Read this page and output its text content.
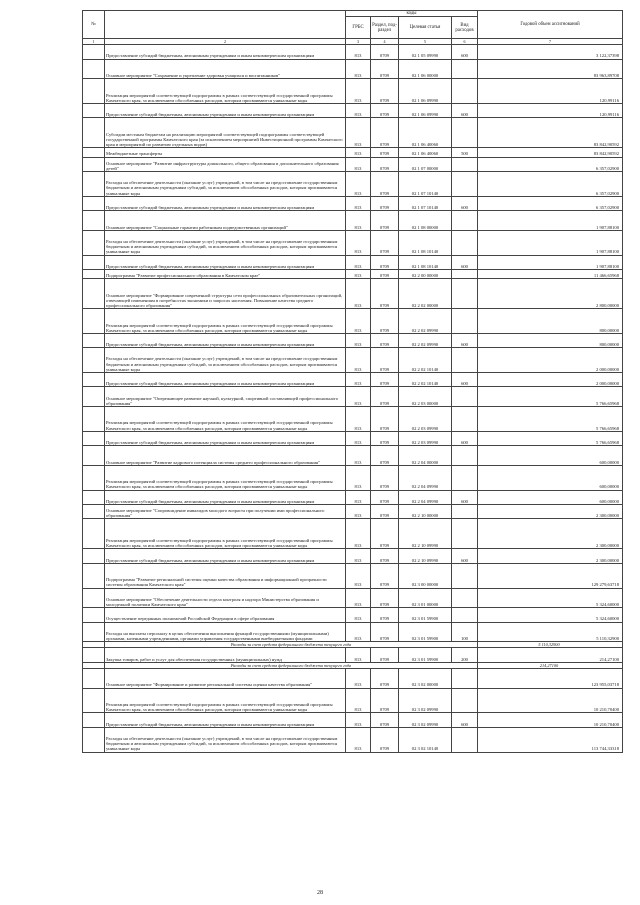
№		коды				Годовой объем ассигнований
		ГРБС	Раздел, под-раздел	Целевая статья	Вид расходов	
1	2	3	4	5	6	7
	Предоставление субсидий бюджетным, автономным учреждениям и иным некоммерческим организациям	813	0709	02 1 05 09990	600	3 122,37398
	Основное мероприятие "Сохранение и укрепление здоровья учащихся и воспитанников"	813	0709	02 1 06 00000		83 963,89708
	Реализация мероприятий соответствующей подпрограммы в рамках соответствующей государственной программы Камчатского края, за исключением обособленных расходов, которым присваиваются уникальные коды	813	0709	02 1 06 09990		120,99116
	Предоставление субсидий бюджетным, автономным учреждениям и иным некоммерческим организациям	813	0709	02 1 06 09990	600	120,99116
	Субсидии местным бюджетам на реализацию мероприятий соответствующей подпрограммы соответствующей государственной программы Камчатского края (за исключением мероприятий Инвестиционной программы Камчатского края и мероприятий по развитию отдельных видов)	813	0709	02 1 06 40060		83 842,90592
	Межбюджетные трансферты	813	0709	02 1 06 40060	500	83 842,90592
	Основное мероприятие "Развитие инфраструктуры дошкольного, общего образования и дополнительного образования детей"	813	0709	02 1 07 00000		6 357,02900
	Расходы на обеспечение деятельности (оказание услуг) учреждений, в том числе на предоставление государственным бюджетным и автономным учреждениям субсидий, за исключением обособленных расходов, которым присваиваются уникальные коды	813	0709	02 1 07 10140		6 357,02900
	Предоставление субсидий бюджетным, автономным учреждениям и иным некоммерческим организациям	813	0709	02 1 07 10140	600	6 357,02900
	Основное мероприятие "Социальные гарантии работникам подведомственных организаций"	813	0709	02 1 08 00000		1 907,88100
	Расходы на обеспечение деятельности (оказание услуг) учреждений, в том числе на предоставление государственным бюджетным и автономным учреждениям субсидий, за исключением обособленных расходов, которым присваиваются уникальные коды	813	0709	02 1 08 10140		1 907,88100
	Предоставление субсидий бюджетным, автономным учреждениям и иным некоммерческим организациям	813	0709	02 1 08 10140	600	1 907,88100
	Подпрограмма "Развитие профессионального образования в Камчатском крае"	813	0709	02 2 00 00000		11 466,65968
	Основное мероприятие "Формирование современной структуры сети профессиональных образовательных организаций, отвечающей изменениям в потребностях экономики и запросах населения. Повышение качества среднего профессионального образования"	813	0709	02 2 02 00000		2 800,00000
	Реализация мероприятий соответствующей подпрограммы в рамках соответствующей государственной программы Камчатского края, за исключением обособленных расходов, которым присваиваются уникальные коды	813	0709	02 2 02 09990		800,00000
	Предоставление субсидий бюджетным, автономным учреждениям и иным некоммерческим организациям	813	0709	02 2 02 09990	600	800,00000
	Расходы на обеспечение деятельности (оказание услуг) учреждений, в том числе на предоставление государственным бюджетным и автономным учреждениям субсидий, за исключением обособленных расходов, которым присваиваются уникальные коды	813	0709	02 2 02 10140		2 000,00000
	Предоставление субсидий бюджетным, автономным учреждениям и иным некоммерческим организациям	813	0709	02 2 02 10140	600	2 000,00000
	Основное мероприятие "Опережающее развитие научной, культурной, спортивной составляющей профессионального образования"	813	0709	02 2 03 00000		5 766,65968
	Реализация мероприятий соответствующей подпрограммы в рамках соответствующей государственной программы Камчатского края, за исключением обособленных расходов, которым присваиваются уникальные коды	813	0709	02 2 03 09990		5 766,65968
	Предоставление субсидий бюджетным, автономным учреждениям и иным некоммерческим организациям	813	0709	02 2 03 09990	600	5 766,65968
	Основное мероприятие "Развитие кадрового потенциала системы среднего профессионального образования"	813	0709	02 2 04 00000		600,00000
	Реализация мероприятий соответствующей подпрограммы в рамках соответствующей государственной программы Камчатского края, за исключением обособленных расходов, которым присваиваются уникальные коды	813	0709	02 2 04 09990		600,00000
	Предоставление субсидий бюджетным, автономным учреждениям и иным некоммерческим организациям	813	0709	02 2 04 09990	600	600,00000
	Основное мероприятие "Сопровождение инвалидов молодого возраста при получении ими профессионального образования"	813	0709	02 2 10 00000		2 300,00000
	Реализация мероприятий соответствующей подпрограммы в рамках соответствующей государственной программы Камчатского края, за исключением обособленных расходов, которым присваиваются уникальные коды	813	0709	02 2 10 09990		2 300,00000
	Предоставление субсидий бюджетным, автономным учреждениям и иным некоммерческим организациям	813	0709	02 2 10 09990	600	2 300,00000
	Подпрограмма "Развитие региональной системы оценки качества образования и информационной прозрачности системы образования Камчатского края"	813	0709	02 3 00 00000		129 279,63718
	Основное мероприятие "Обеспечение деятельности отдела контроля и надзора Министерства образования и молодежной политики Камчатского края"	813	0709	02 3 01 00000		5 324,60000
	Осуществление переданных полномочий Российской Федерации в сфере образования	813	0709	02 3 01 59900		5 324,60000
	Расходы на выплаты персоналу в целях обеспечения выполнения функций государственными (муниципальными) органами, казенными учреждениями, органами управления государственными внебюджетными фондами	813	0709	02 3 01 59900	100	5 110,32900
	Расходы за счет средств федерального бюджета текущего года					5 110,32900
	Закупка товаров, работ и услуг для обеспечения государственных (муниципальных) нужд	813	0709	02 3 01 59900	200	214,27100
	Расходы за счет средств федерального бюджета текущего года					214,27100
	Основное мероприятие "Формирование и развитие региональной системы оценки качества образования"	813	0709	02 3 02 00000		123 955,03718
	Реализация мероприятий соответствующей подпрограммы в рамках соответствующей государственной программы Камчатского края, за исключением обособленных расходов, которым присваиваются уникальные коды	813	0709	02 3 02 09990		10 210,70400
	Предоставление субсидий бюджетным, автономным учреждениям и иным некоммерческим организациям	813	0709	02 3 02 09990	600	10 210,70400
	Расходы на обеспечение деятельности (оказание услуг) учреждений, в том числе на предоставление государственным бюджетным и автономным учреждениям субсидий, за исключением обособленных расходов, которым присваиваются уникальные коды	813	0709	02 3 02 10140		113 744,33318
28
